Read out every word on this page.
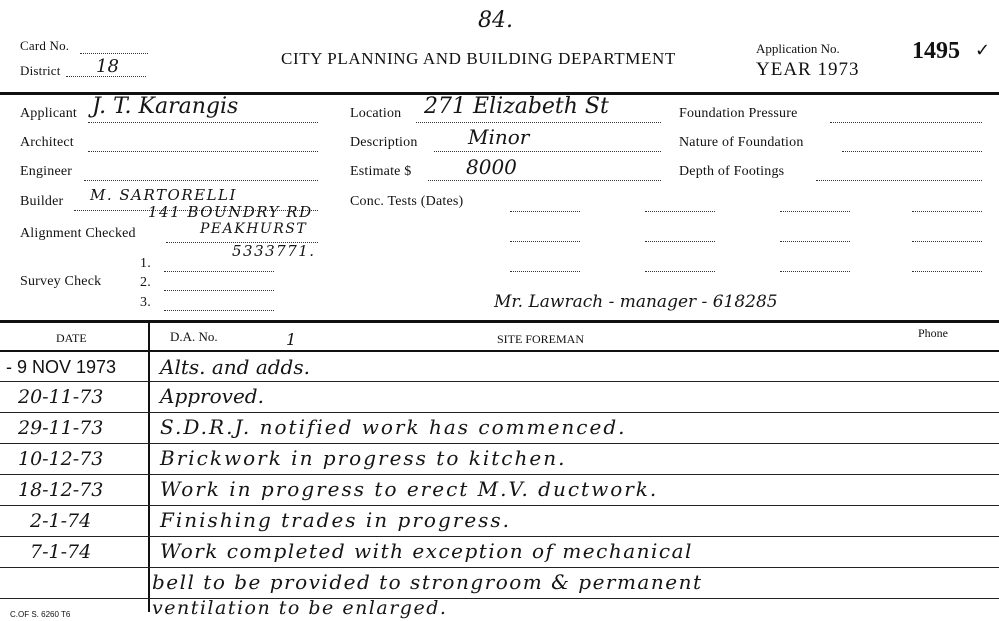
84.
Card No.
District 18	CITY PLANNING AND BUILDING DEPARTMENT
Application No.
YEAR 1973
1495 ✓
Applicant J. T. Karangis
Architect
Engineer
Builder M. SARTORELLI
141 BOUNDRY RD
Alignment Checked	PEAKHURST
5333771.
1.
Survey Check	2.
3.
Location 271 Elizabeth St
Description	Minor
Estimate $	8000
Conc. Tests (Dates)
Mr. Lawrach - manager - 618285
Foundation Pressure
Nature of Foundation
Depth of Footings
DATE	D.A. No.	1	SITE FOREMAN	Phone
- 9 NOV 1973 Alts. and adds.
20-11-73	Approved.
29-11-73	S.D.R.J. notified work has commenced.
10-12-73	Brickwork in progress to kitchen.
18-12-73	Work in progress to erect M.V. ductwork.
2-1-74	Finishing trades in progress.
7-1-74	Work completed with exception of mechanical
bell to be provided to strongroom & permanent
ventilation to be enlarged.
C.OF S. 6260 T6
